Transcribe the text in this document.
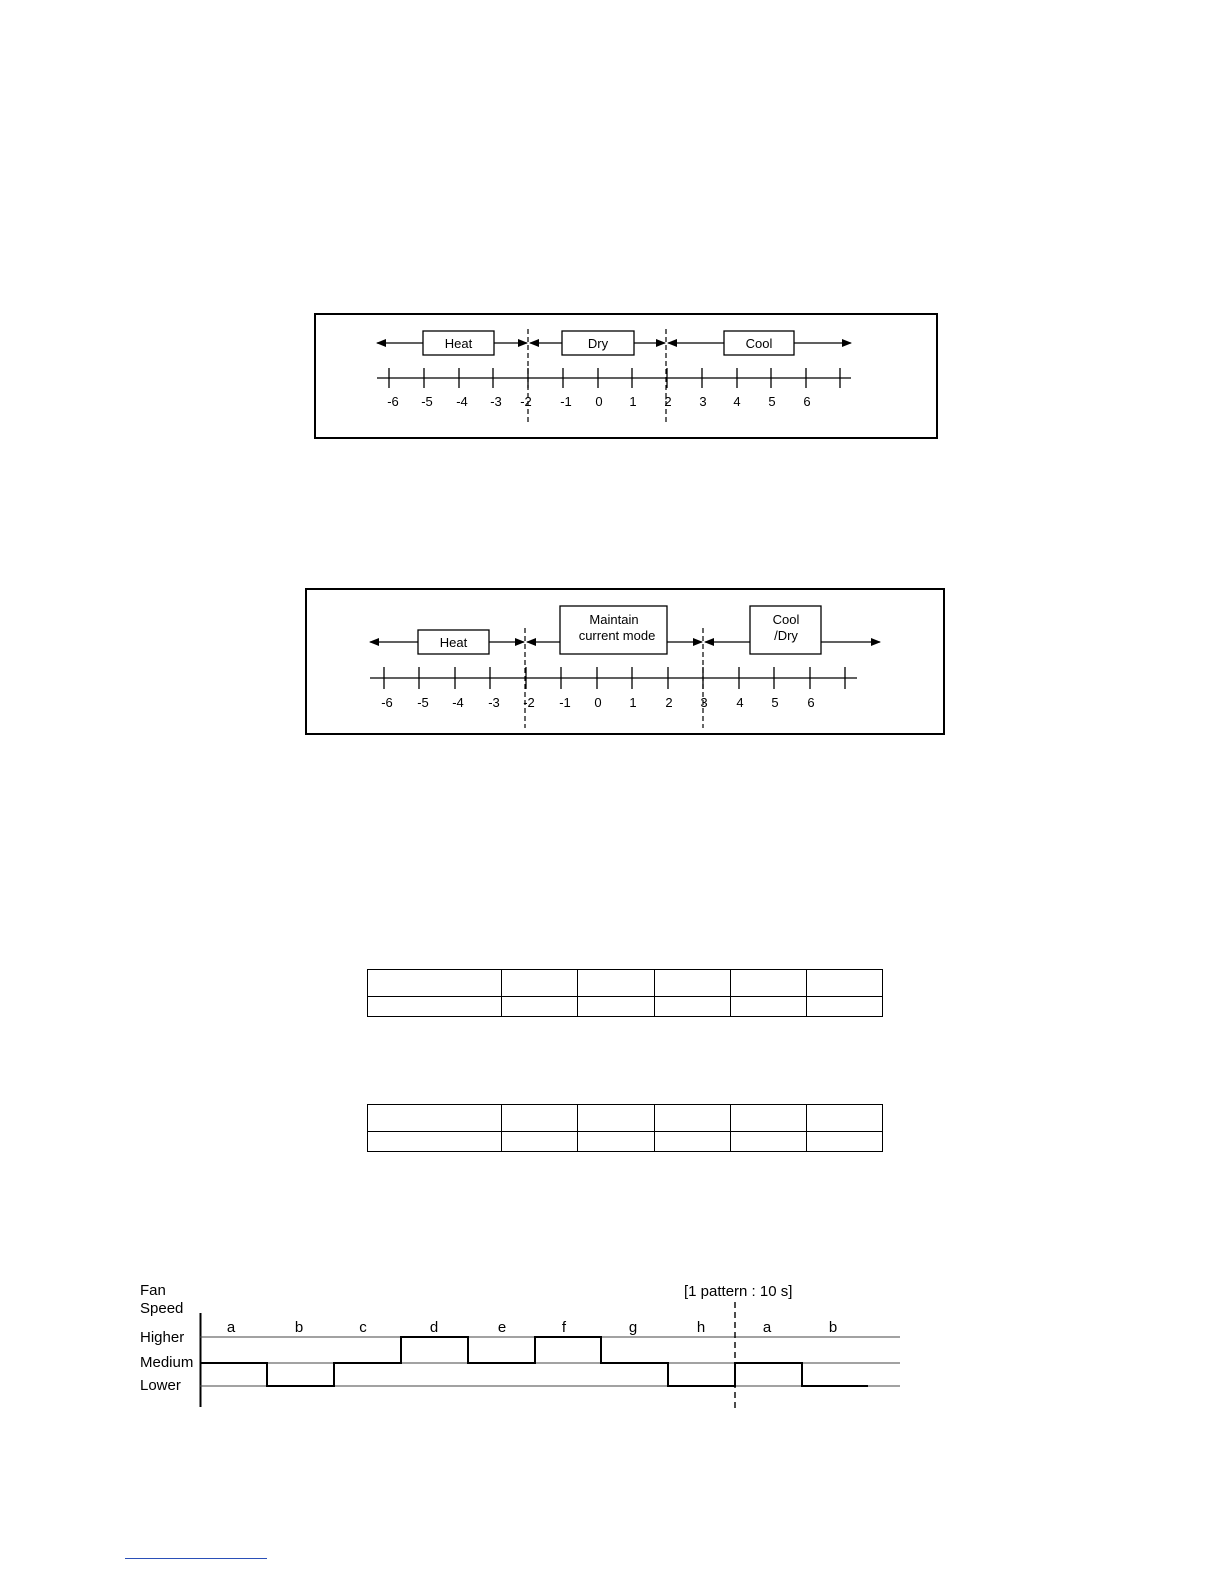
Heat	Dry	Cool
-6 -5 -4 -3 -2 -1 0 1 2 3 4 5 6
Heat
Maintain
current mode
Cool
/Dry
-6 -5 -4 -3 -2 -1 0 1 2 3 4 5 6

Fan
Speed
Higher
Medium
Lower
[1 pattern : 10 s]
a	b	c	d	e	f	g	h	a	b
